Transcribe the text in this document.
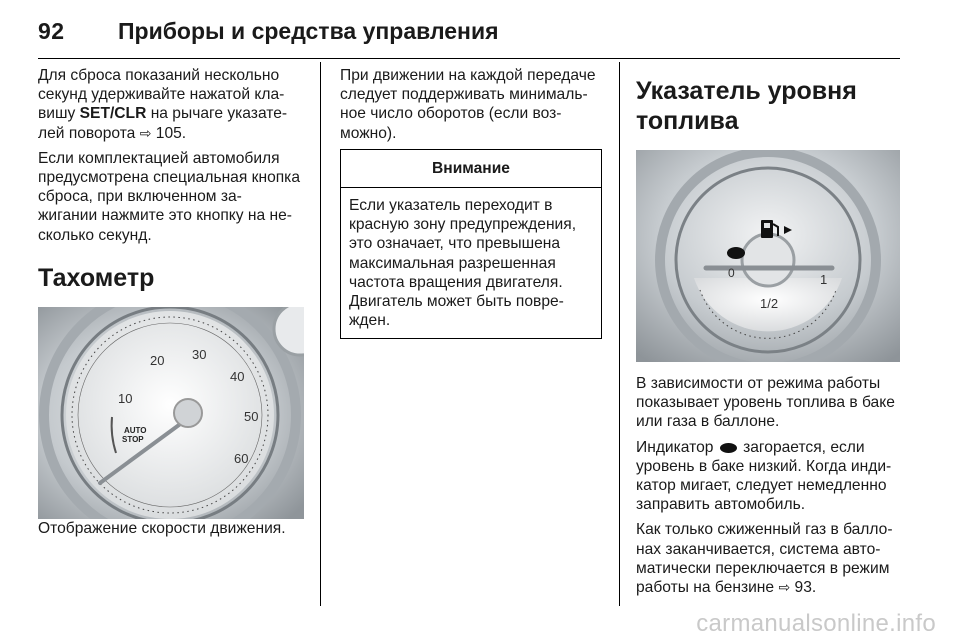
92 Приборы и средства управления

Для сброса показаний нескольно секунд удерживайте нажатой кла- вишу SET/CLR на рычаге указате- лей поворота ⇨ 105.

Если комплектацией автомобиля предусмотрена специальная кнопка сброса, при включенном за- жигании нажмите это кнопку на не- сколько секунд.

Тахометр
10
20 30
40
50
60
AUTO
STOP

Отображение скорости движения.

При движении на каждой передаче следует поддерживать минималь- ное число оборотов (если воз- можно).

Внимание
Если указатель переходит в красную зону предупреждения, это означает, что превышена максимальная разрешенная частота вращения двигателя. Двигатель может быть повре- жден.
Указатель уровня топлива
0	1
1/2

В зависимости от режима работы показывает уровень топлива в баке или газа в баллоне.

Индикатор  загорается, если уровень в баке низкий. Когда инди- катор мигает, следует немедленно заправить автомобиль.

Как только сжиженный газ в балло- нах заканчивается, система авто- матически переключается в режим работы на бензине ⇨ 93.

carmanualsonline.info
